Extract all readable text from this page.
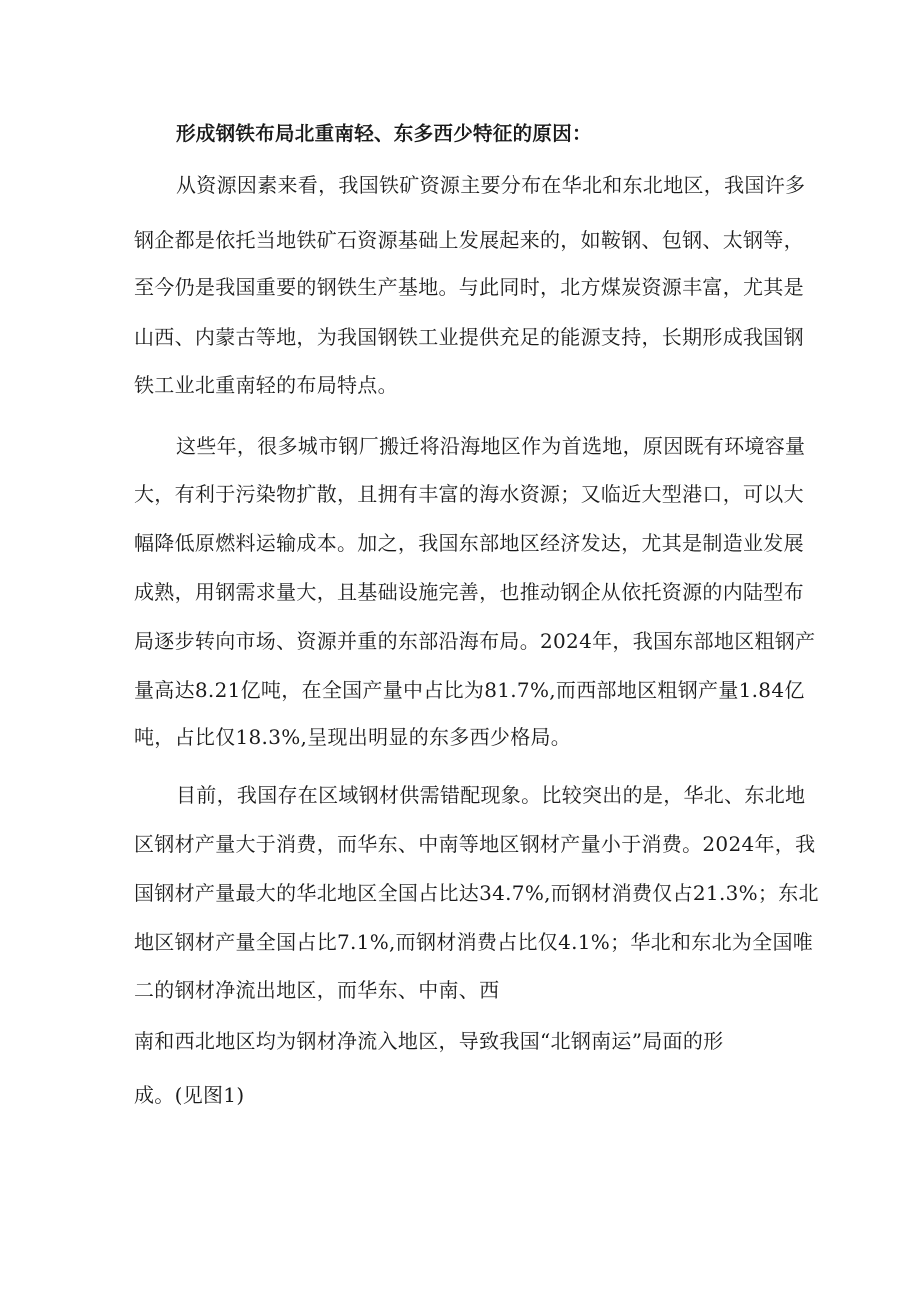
形成钢铁布局北重南轻、东多西少特征的原因：
从资源因素来看，我国铁矿资源主要分布在华北和东北地区，我国许多
钢企都是依托当地铁矿石资源基础上发展起来的，如鞍钢、包钢、太钢等，
至今仍是我国重要的钢铁生产基地。与此同时，北方煤炭资源丰富，尤其是
山西、内蒙古等地，为我国钢铁工业提供充足的能源支持，长期形成我国钢
铁工业北重南轻的布局特点。
这些年，很多城市钢厂搬迁将沿海地区作为首选地，原因既有环境容量
大，有利于污染物扩散，且拥有丰富的海水资源；又临近大型港口，可以大
幅降低原燃料运输成本。加之，我国东部地区经济发达，尤其是制造业发展
成熟，用钢需求量大，且基础设施完善，也推动钢企从依托资源的内陆型布
局逐步转向市场、资源并重的东部沿海布局。2024年，我国东部地区粗钢产
量高达8.21亿吨，在全国产量中占比为81.7%,而西部地区粗钢产量1.84亿
吨，占比仅18.3%,呈现出明显的东多西少格局。
目前，我国存在区域钢材供需错配现象。比较突出的是，华北、东北地
区钢材产量大于消费，而华东、中南等地区钢材产量小于消费。2024年，我
国钢材产量最大的华北地区全国占比达34.7%,而钢材消费仅占21.3%；东北
地区钢材产量全国占比7.1%,而钢材消费占比仅4.1%；华北和东北为全国唯
二的钢材净流出地区，而华东、中南、西
南和西北地区均为钢材净流入地区，导致我国“北钢南运”局面的形
成。(见图1)
